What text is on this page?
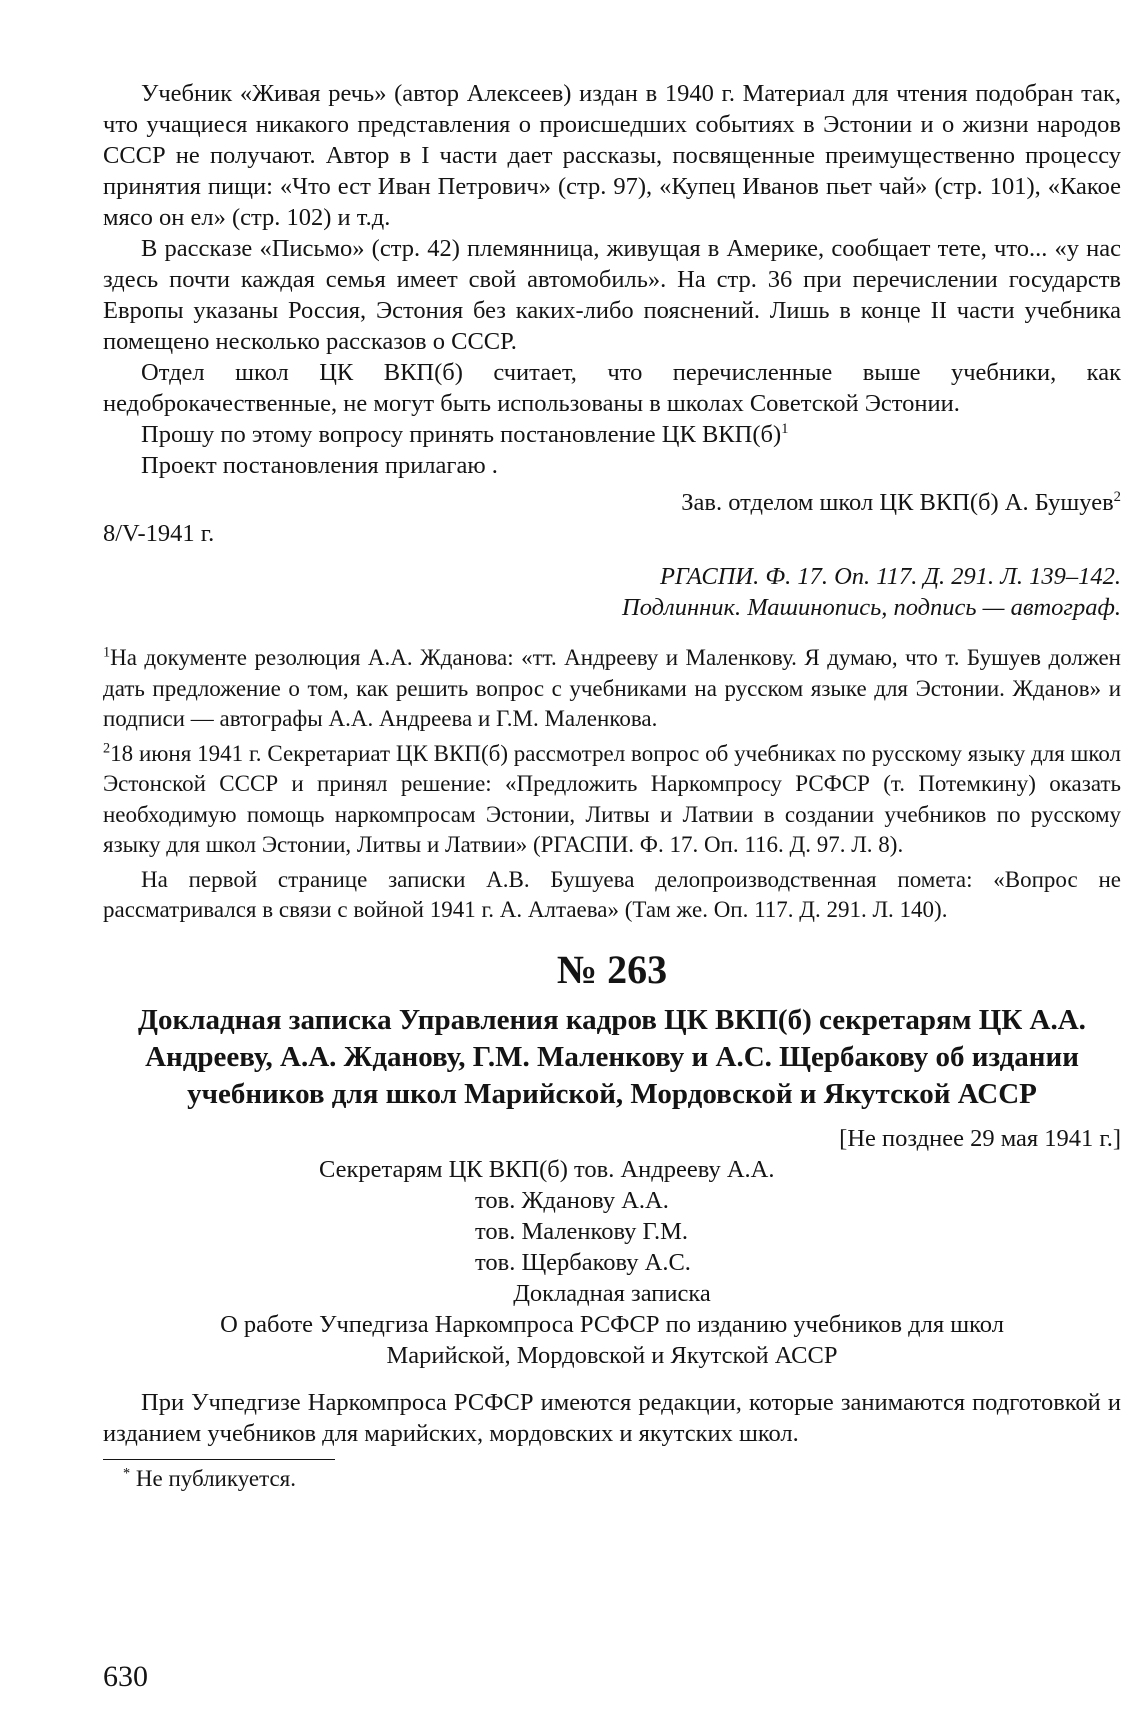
Учебник «Живая речь» (автор Алексеев) издан в 1940 г. Материал для чтения подобран так, что учащиеся никакого представления о происшедших событиях в Эстонии и о жизни народов СССР не получают. Автор в I части дает рассказы, посвященные преимущественно процессу принятия пищи: «Что ест Иван Петрович» (стр. 97), «Купец Иванов пьет чай» (стр. 101), «Какое мясо он ел» (стр. 102) и т.д.

В рассказе «Письмо» (стр. 42) племянница, живущая в Америке, сообщает тете, что... «у нас здесь почти каждая семья имеет свой автомобиль». На стр. 36 при перечислении государств Европы указаны Россия, Эстония без каких-либо пояснений. Лишь в конце II части учебника помещено несколько рассказов о СССР.

Отдел школ ЦК ВКП(б) считает, что перечисленные выше учебники, как недоброкачественные, не могут быть использованы в школах Советской Эстонии.

Прошу по этому вопросу принять постановление ЦК $ВКП(б)^1$

Проект постановления прилагаю .

Зав. отделом школ ЦК ВКП(б) А. Бушуев$^2$

8/V-1941 г.

РГАСПИ. Ф. 17. Оп. 117. Д. 291. Л. 139–142.

Подлинник. Машинопись, подпись — автограф.

$^1$На документе резолюция А.А. Жданова: «тт. Андрееву и Маленкову. Я думаю, что т. Бушуев должен дать предложение о том, как решить вопрос с учебниками на русском языке для Эстонии. Жданов» и подписи — автографы А.А. Андреева и Г.М. Маленкова.

$^2$18 июня 1941 г. Секретариат ЦК ВКП(б) рассмотрел вопрос об учебниках по русскому языку для школ Эстонской СССР и принял решение: «Предложить Наркомпросу РСФСР (т. Потемкину) оказать необходимую помощь наркомпросам Эстонии, Литвы и Латвии в создании учебников по русскому языку для школ Эстонии, Литвы и Латвии» (РГАСПИ. Ф. 17. Оп. 116. Д. 97. Л. 8).

На первой странице записки А.В. Бушуева делопроизводственная помета: «Вопрос не рассматривался в связи с войной 1941 г. А. Алтаева» (Там же. Оп. 117. Д. 291. Л. 140).

№ 263

Докладная записка Управления кадров ЦК ВКП(б) секретарям ЦК А.А. Андрееву, А.А. Жданову, Г.М. Маленкову и А.С. Щербакову об издании учебников для школ Марийской, Мордовской и Якутской АССР

[Не позднее 29 мая 1941 г.]

Секретарям ЦК ВКП(б) тов. Андрееву А.А.
тов. Жданову А.А.
тов. Маленкову Г.М.
тов. Щербакову А.С.

Докладная записка

О работе Учпедгиза Наркомпроса РСФСР по изданию учебников для школ

Марийской, Мордовской и Якутской АССР

При Учпедгизе Наркомпроса РСФСР имеются редакции, которые занимаются подготовкой и изданием учебников для марийских, мордовских и якутских школ.

* Не публикуется.

630
